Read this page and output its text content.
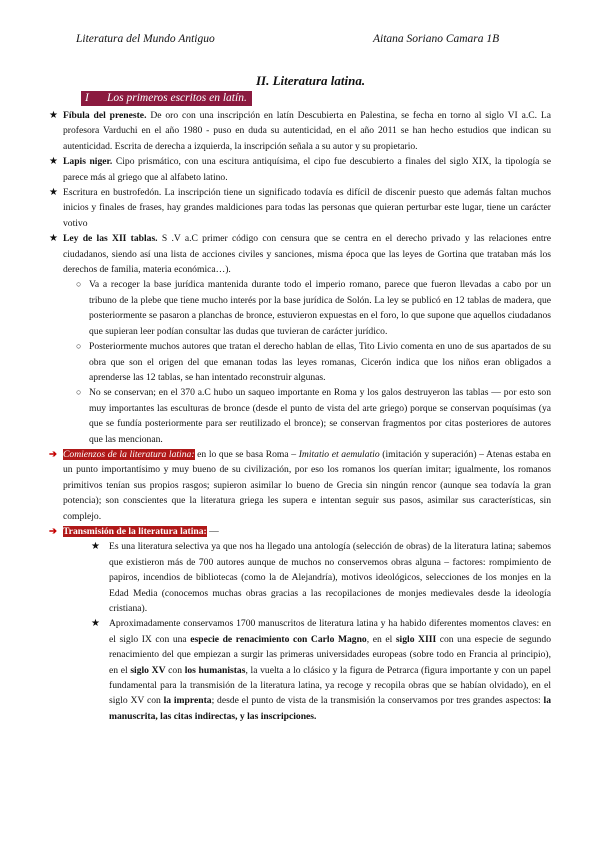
Literatura del Mundo Antiguo	Aitana Soriano Camara 1B
II. Literatura latina.
I Los primeros escritos en latín.

★ Fíbula del preneste. De oro con una inscripción en latín Descubierta en Palestina, se fecha en torno al siglo VI a.C. La profesora Varduchi en el año 1980 - puso en duda su autenticidad, en el año 2011 se han hecho estudios que indican su autenticidad. Escrita de derecha a izquierda, la inscripción señala a su autor y su propietario.

★ Lapis niger. Cipo prismático, con una escitura antiquísima, el cipo fue descubierto a finales del siglo XIX, la tipología se parece más al griego que al alfabeto latino.

★ Escritura en bustrofedón. La inscripción tiene un significado todavía es difícil de discenir puesto que además faltan muchos inicios y finales de frases, hay grandes maldiciones para todas las personas que quieran perturbar este lugar, tiene un carácter votivo

★ Ley de las XII tablas. S .V a.C primer código con censura que se centra en el derecho privado y las relaciones entre ciudadanos, siendo así una lista de acciones civiles y sanciones, misma época que las leyes de Gortina que trataban más los derechos de familia, materia económica…).

○ Va a recoger la base jurídica mantenida durante todo el imperio romano, parece que fueron llevadas a cabo por un tribuno de la plebe que tiene mucho interés por la base jurídica de Solón. La ley se publicó en 12 tablas de madera, que posteriormente se pasaron a planchas de bronce, estuvieron expuestas en el foro, lo que supone que aquellos ciudadanos que supieran leer podían consultar las dudas que tuvieran de carácter jurídico.

○ Posteriormente muchos autores que tratan el derecho hablan de ellas, Tito Livio comenta en uno de sus apartados de su obra que son el origen del que emanan todas las leyes romanas, Cicerón indica que los niños eran obligados a aprenderse las 12 tablas, se han intentado reconstruir algunas.

○ No se conservan; en el 370 a.C hubo un saqueo importante en Roma y los galos destruyeron las tablas — por esto son muy importantes las esculturas de bronce (desde el punto de vista del arte griego) porque se conservan poquísimas (ya que se fundía posteriormente para ser reutilizado el bronce); se conservan fragmentos por citas posteriores de autores que las mencionan.

➔ Comienzos de la literatura latina: en lo que se basa Roma – Imitatio et aemulatio (imitación y superación) – Atenas estaba en un punto importantísimo y muy bueno de su civilización, por eso los romanos los querían imitar; igualmente, los romanos primitivos tenían sus propios rasgos; supieron asimilar lo bueno de Grecia sin ningún rencor (aunque sea todavía la gran potencia); son conscientes que la literatura griega les supera e intentan seguir sus pasos, asimilar sus características, sin complejo.

➔ Transmisión de la literatura latina: —

★ Es una literatura selectiva ya que nos ha llegado una antología (selección de obras) de la literatura latina; sabemos que existieron más de 700 autores aunque de muchos no conservemos obras alguna – factores: rompimiento de papiros, incendios de bibliotecas (como la de Alejandría), motivos ideológicos, selecciones de los monjes en la Edad Media (conocemos muchas obras gracias a las recopilaciones de monjes medievales desde la ideología cristiana).

★ Aproximadamente conservamos 1700 manuscritos de literatura latina y ha habido diferentes momentos claves: en el siglo IX con una especie de renacimiento con Carlo Magno, en el siglo XIII con una especie de segundo renacimiento del que empiezan a surgir las primeras universidades europeas (sobre todo en Francia al principio), en el siglo XV con los humanistas, la vuelta a lo clásico y la figura de Petrarca (figura importante y con un papel fundamental para la transmisión de la literatura latina, ya recoge y recopila obras que se habían olvidado), en el siglo XV con la imprenta; desde el punto de vista de la transmisión la conservamos por tres grandes aspectos: la manuscrita, las citas indirectas, y las inscripciones.
